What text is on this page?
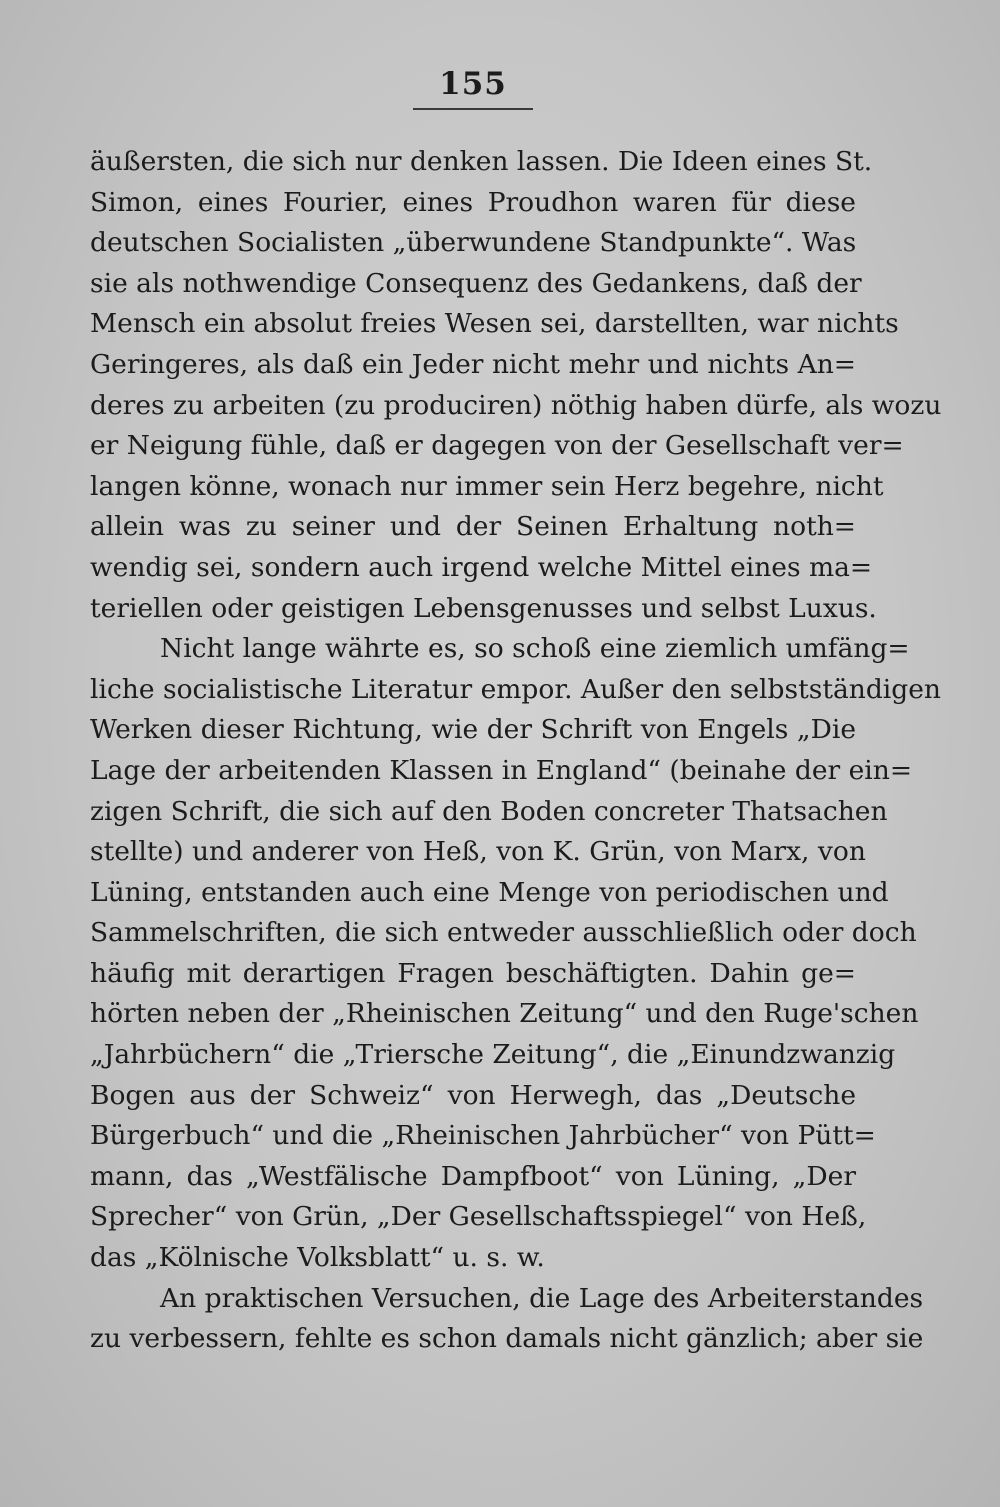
155
äußersten, die sich nur denken lassen. Die Ideen eines St.
Simon, eines Fourier, eines Proudhon waren für diese
deutschen Socialisten „überwundene Standpunkte“. Was
sie als nothwendige Consequenz des Gedankens, daß der
Mensch ein absolut freies Wesen sei, darstellten, war nichts
Geringeres, als daß ein Jeder nicht mehr und nichts An=
deres zu arbeiten (zu produciren) nöthig haben dürfe, als wozu
er Neigung fühle, daß er dagegen von der Gesellschaft ver=
langen könne, wonach nur immer sein Herz begehre, nicht
allein was zu seiner und der Seinen Erhaltung noth=
wendig sei, sondern auch irgend welche Mittel eines ma=
teriellen oder geistigen Lebensgenusses und selbst Luxus.
Nicht lange währte es, so schoß eine ziemlich umfäng=
liche socialistische Literatur empor. Außer den selbstständigen
Werken dieser Richtung, wie der Schrift von Engels „Die
Lage der arbeitenden Klassen in England“ (beinahe der ein=
zigen Schrift, die sich auf den Boden concreter Thatsachen
stellte) und anderer von Heß, von K. Grün, von Marx, von
Lüning, entstanden auch eine Menge von periodischen und
Sammelschriften, die sich entweder ausschließlich oder doch
häufig mit derartigen Fragen beschäftigten. Dahin ge=
hörten neben der „Rheinischen Zeitung“ und den Ruge'schen
„Jahrbüchern“ die „Triersche Zeitung“, die „Einundzwanzig
Bogen aus der Schweiz“ von Herwegh, das „Deutsche
Bürgerbuch“ und die „Rheinischen Jahrbücher“ von Pütt=
mann, das „Westfälische Dampfboot“ von Lüning, „Der
Sprecher“ von Grün, „Der Gesellschaftsspiegel“ von Heß,
das „Kölnische Volksblatt“ u. s. w.
An praktischen Versuchen, die Lage des Arbeiterstandes
zu verbessern, fehlte es schon damals nicht gänzlich; aber sie
